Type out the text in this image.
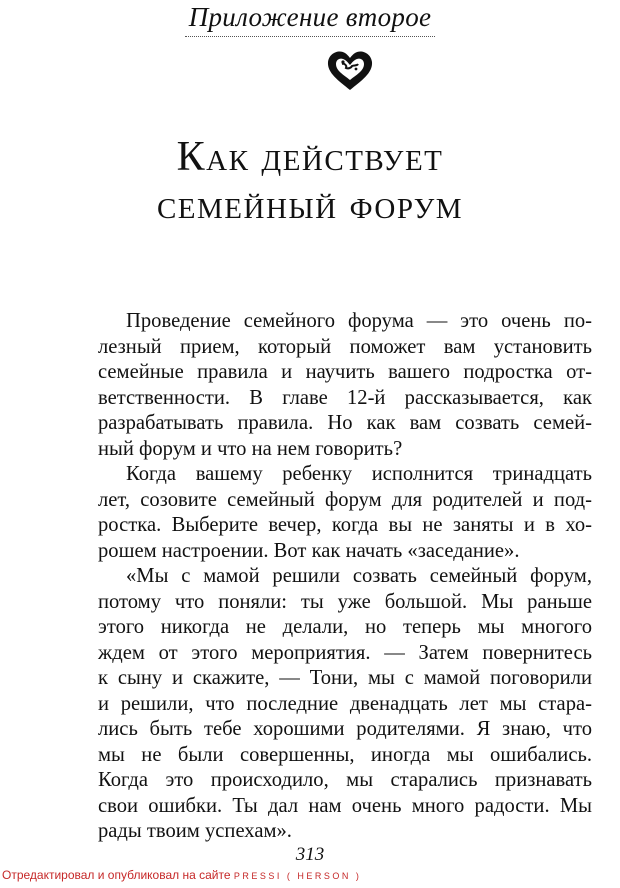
Приложение второе
Как действует
семейный форум
Проведение семейного форума — это очень по-
лезный прием, который поможет вам установить
семейные правила и научить вашего подростка от-
ветственности. В главе 12-й рассказывается, как
разрабатывать правила. Но как вам созвать семей-
ный форум и что на нем говорить?
Когда вашему ребенку исполнится тринадцать
лет, созовите семейный форум для родителей и под-
ростка. Выберите вечер, когда вы не заняты и в хо-
рошем настроении. Вот как начать «заседание».
«Мы с мамой решили созвать семейный форум,
потому что поняли: ты уже большой. Мы раньше
этого никогда не делали, но теперь мы многого
ждем от этого мероприятия. — Затем повернитесь
к сыну и скажите, — Тони, мы с мамой поговорили
и решили, что последние двенадцать лет мы стара-
лись быть тебе хорошими родителями. Я знаю, что
мы не были совершенны, иногда мы ошибались.
Когда это происходило, мы старались признавать
свои ошибки. Ты дал нам очень много радости. Мы
рады твоим успехам».
313
Отредактировал и опубликовал на сайте PRESSI ( HERSON )
